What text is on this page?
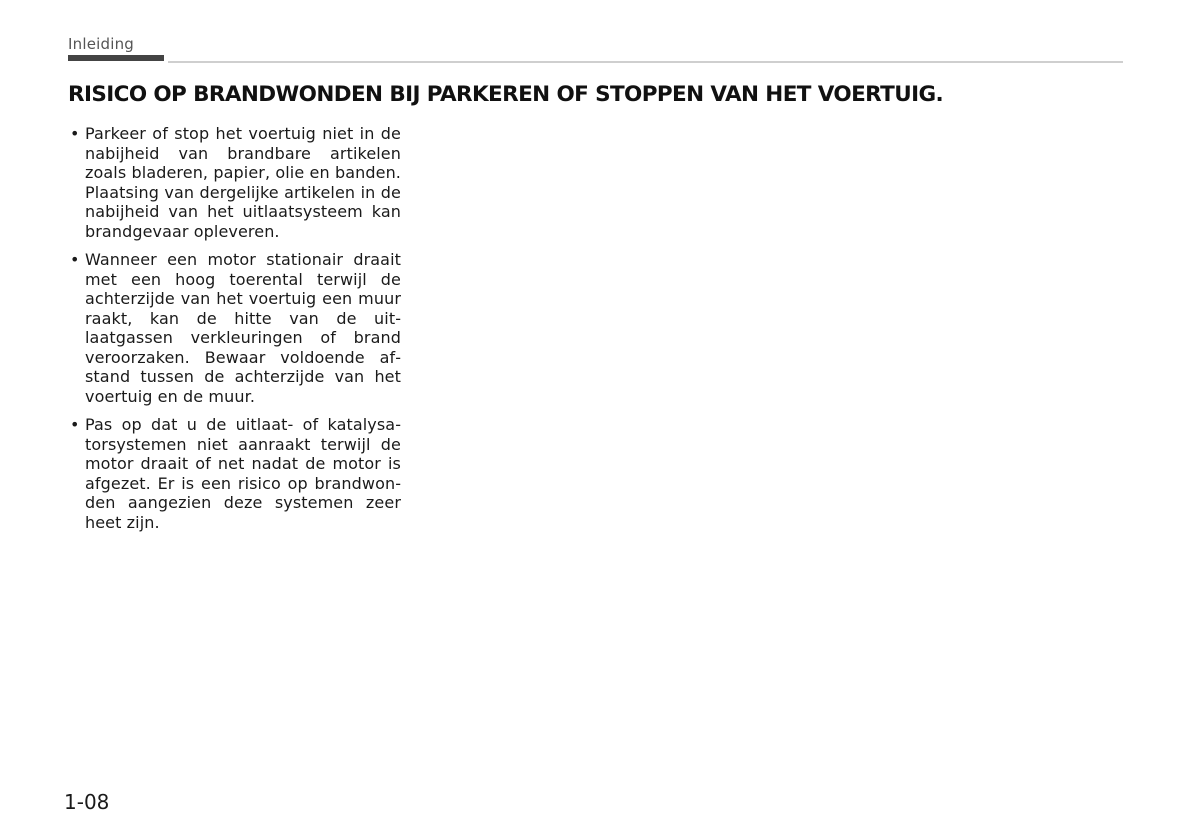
Inleiding
RISICO OP BRANDWONDEN BIJ PARKEREN OF STOPPEN VAN HET VOERTUIG.
• Parkeer of stop het voertuig niet in de nabijheid van brandbare artikelen zoals bladeren, papier, olie en banden. Plaatsing van dergelijke artikelen in de nabijheid van het uitlaatsysteem kan brandgevaar opleveren.
• Wanneer een motor stationair draait met een hoog toerental terwijl de achterzijde van het voertuig een muur raakt, kan de hitte van de uitlaatgassen verkleuringen of brand veroorzaken. Bewaar voldoende afstand tussen de achterzijde van het voertuig en de muur.
• Pas op dat u de uitlaat- of katalysatorsystemen niet aanraakt terwijl de motor draait of net nadat de motor is afgezet. Er is een risico op brandwonden aangezien deze systemen zeer heet zijn.
1-08
